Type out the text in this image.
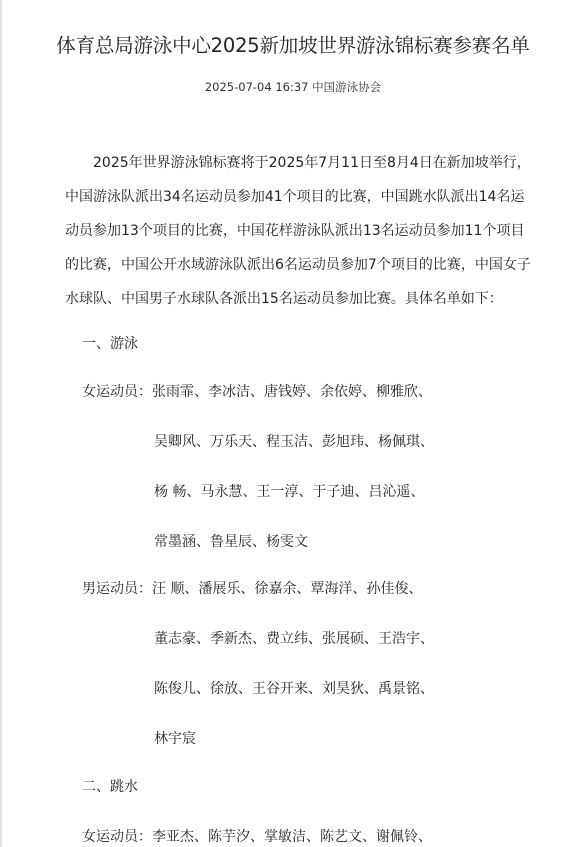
体育总局游泳中心2025新加坡世界游泳锦标赛参赛名单
2025-07-04 16:37 中国游泳协会

2025年世界游泳锦标赛将于2025年7月11日至8月4日在新加坡举行，中国游泳队派出34名运动员参加41个项目的比赛，中国跳水队派出14名运动员参加13个项目的比赛，中国花样游泳队派出13名运动员参加11个项目的比赛，中国公开水域游泳队派出6名运动员参加7个项目的比赛，中国女子水球队、中国男子水球队各派出15名运动员参加比赛。具体名单如下：

一、游泳
女运动员： 张雨霏、李冰洁、唐钱婷、余依婷、柳雅欣、
吴卿风、万乐天、程玉洁、彭旭玮、杨佩琪、
杨 畅、马永慧、王一淳、于子迪、吕沁遥、
常墨涵、鲁星辰、杨雯文
男运动员： 汪 顺、潘展乐、徐嘉余、覃海洋、孙佳俊、
董志豪、季新杰、费立纬、张展硕、王浩宇、
陈俊儿、徐放、王谷开来、刘昊狄、禹景铭、
林宇宸
二、跳水
女运动员： 李亚杰、陈芋汐、掌敏洁、陈艺文、谢佩铃、
